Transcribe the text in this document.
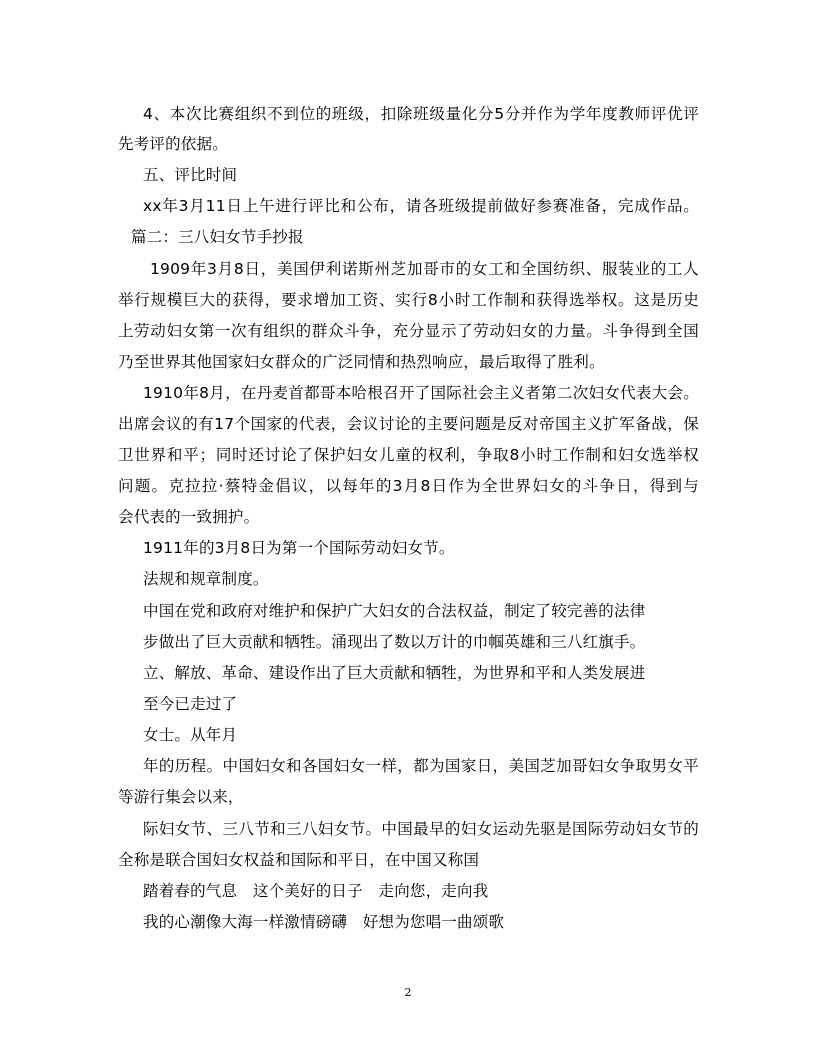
4、本次比赛组织不到位的班级，扣除班级量化分5分并作为学年度教师评优评
先考评的依据。
五、评比时间
xx年3月11日上午进行评比和公布，请各班级提前做好参赛准备，完成作品。
篇二：三八妇女节手抄报
1909年3月8日，美国伊利诺斯州芝加哥市的女工和全国纺织、服装业的工人
举行规模巨大的获得，要求增加工资、实行8小时工作制和获得选举权。这是历史
上劳动妇女第一次有组织的群众斗争，充分显示了劳动妇女的力量。斗争得到全国
乃至世界其他国家妇女群众的广泛同情和热烈响应，最后取得了胜利。
1910年8月，在丹麦首都哥本哈根召开了国际社会主义者第二次妇女代表大会。
出席会议的有17个国家的代表，会议讨论的主要问题是反对帝国主义扩军备战，保
卫世界和平；同时还讨论了保护妇女儿童的权利，争取8小时工作制和妇女选举权
问题。克拉拉·蔡特金倡议，以每年的3月8日作为全世界妇女的斗争日，得到与
会代表的一致拥护。
1911年的3月8日为第一个国际劳动妇女节。
法规和规章制度。
中国在党和政府对维护和保护广大妇女的合法权益，制定了较完善的法律
步做出了巨大贡献和牺牲。涌现出了数以万计的巾帼英雄和三八红旗手。
立、解放、革命、建设作出了巨大贡献和牺牲，为世界和平和人类发展进
至今已走过了
女士。从年月
年的历程。中国妇女和各国妇女一样，都为国家日，美国芝加哥妇女争取男女平
等游行集会以来，
际妇女节、三八节和三八妇女节。中国最早的妇女运动先驱是国际劳动妇女节的
全称是联合国妇女权益和国际和平日，在中国又称国
踏着春的气息　这个美好的日子　走向您，走向我
我的心潮像大海一样激情磅礴　好想为您唱一曲颂歌
2
